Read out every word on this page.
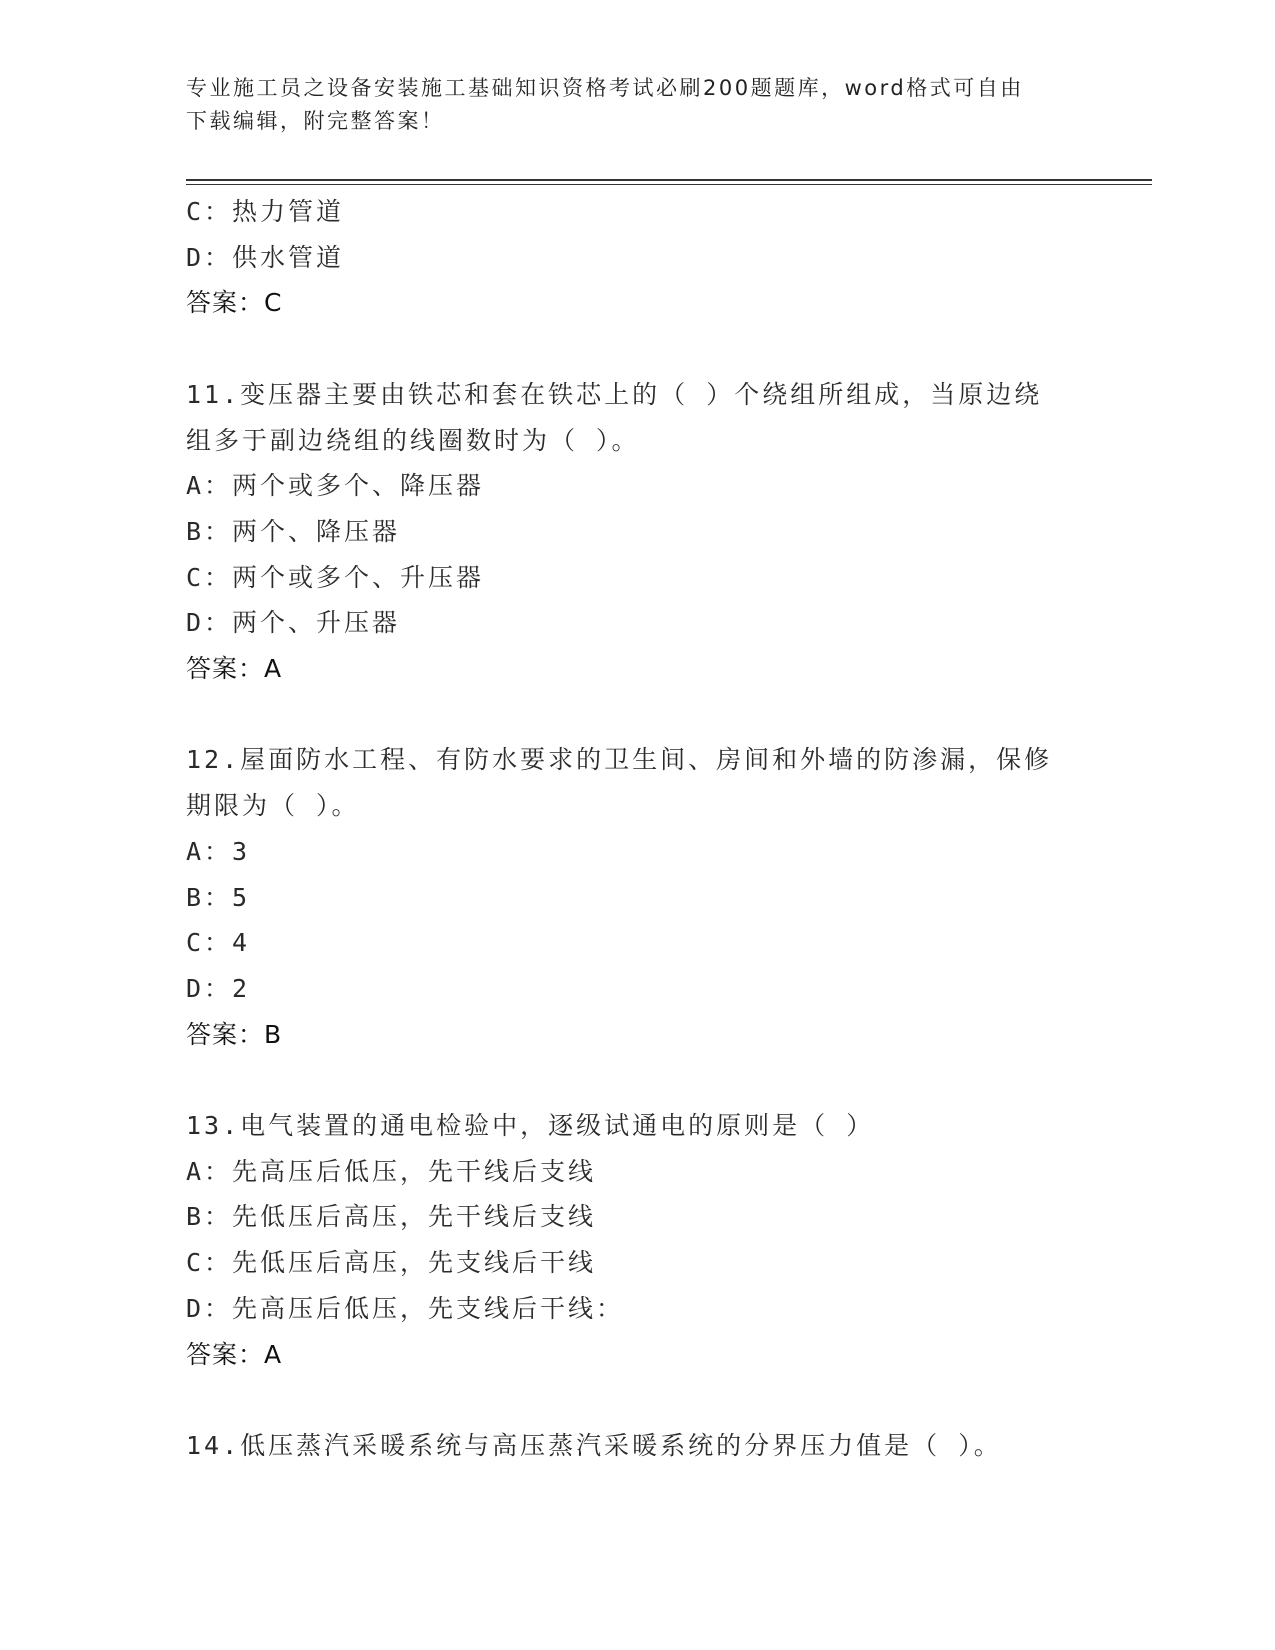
专业施工员之设备安装施工基础知识资格考试必刷200题题库，word格式可自由
下载编辑，附完整答案！
C：热力管道
D：供水管道
答案：C
11.变压器主要由铁芯和套在铁芯上的（ ）个绕组所组成，当原边绕
组多于副边绕组的线圈数时为（ ）。
A：两个或多个、降压器
B：两个、降压器
C：两个或多个、升压器
D：两个、升压器
答案：A
12.屋面防水工程、有防水要求的卫生间、房间和外墙的防渗漏，保修
期限为（ ）。
A：3
B：5
C：4
D：2
答案：B
13.电气装置的通电检验中，逐级试通电的原则是（ ）
A：先高压后低压，先干线后支线
B：先低压后高压，先干线后支线
C：先低压后高压，先支线后干线
D：先高压后低压，先支线后干线：
答案：A
14.低压蒸汽采暖系统与高压蒸汽采暖系统的分界压力值是（ ）。
